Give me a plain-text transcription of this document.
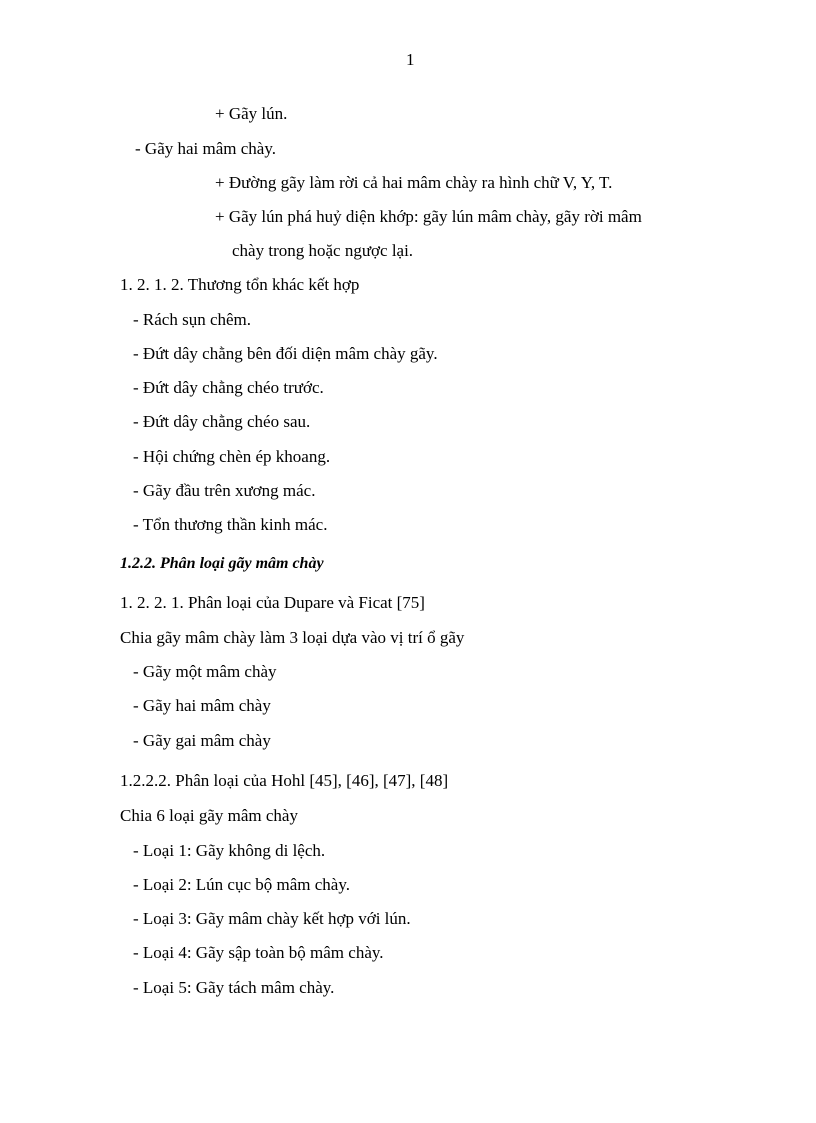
1
+ Gãy lún.
- Gãy hai mâm chày.
+ Đường gãy làm rời cả hai mâm chày ra hình chữ V, Y, T.
+ Gãy lún phá huỷ diện khớp: gãy lún mâm chày, gãy rời mâm
chày trong hoặc ngược lại.
1. 2. 1. 2. Thương tổn khác kết hợp
- Rách sụn chêm.
- Đứt dây chằng bên đối diện mâm chày gãy.
- Đứt dây chằng chéo trước.
- Đứt dây chằng chéo sau.
- Hội chứng chèn ép khoang.
- Gãy đầu trên xương mác.
- Tổn thương thần kinh mác.
1.2.2. Phân loại gãy mâm chày
1. 2. 2. 1. Phân loại của Dupare và Ficat [75]
Chia gãy mâm chày làm 3 loại dựa vào vị trí ổ gãy
- Gãy một mâm chày
- Gãy hai mâm chày
- Gãy gai mâm chày
1.2.2.2. Phân loại của Hohl [45], [46], [47], [48]
Chia 6 loại gãy mâm chày
- Loại 1: Gãy không di lệch.
- Loại 2: Lún cục bộ mâm chày.
- Loại 3: Gãy mâm chày kết hợp với lún.
- Loại 4: Gãy sập toàn bộ mâm chày.
- Loại 5: Gãy tách mâm chày.
